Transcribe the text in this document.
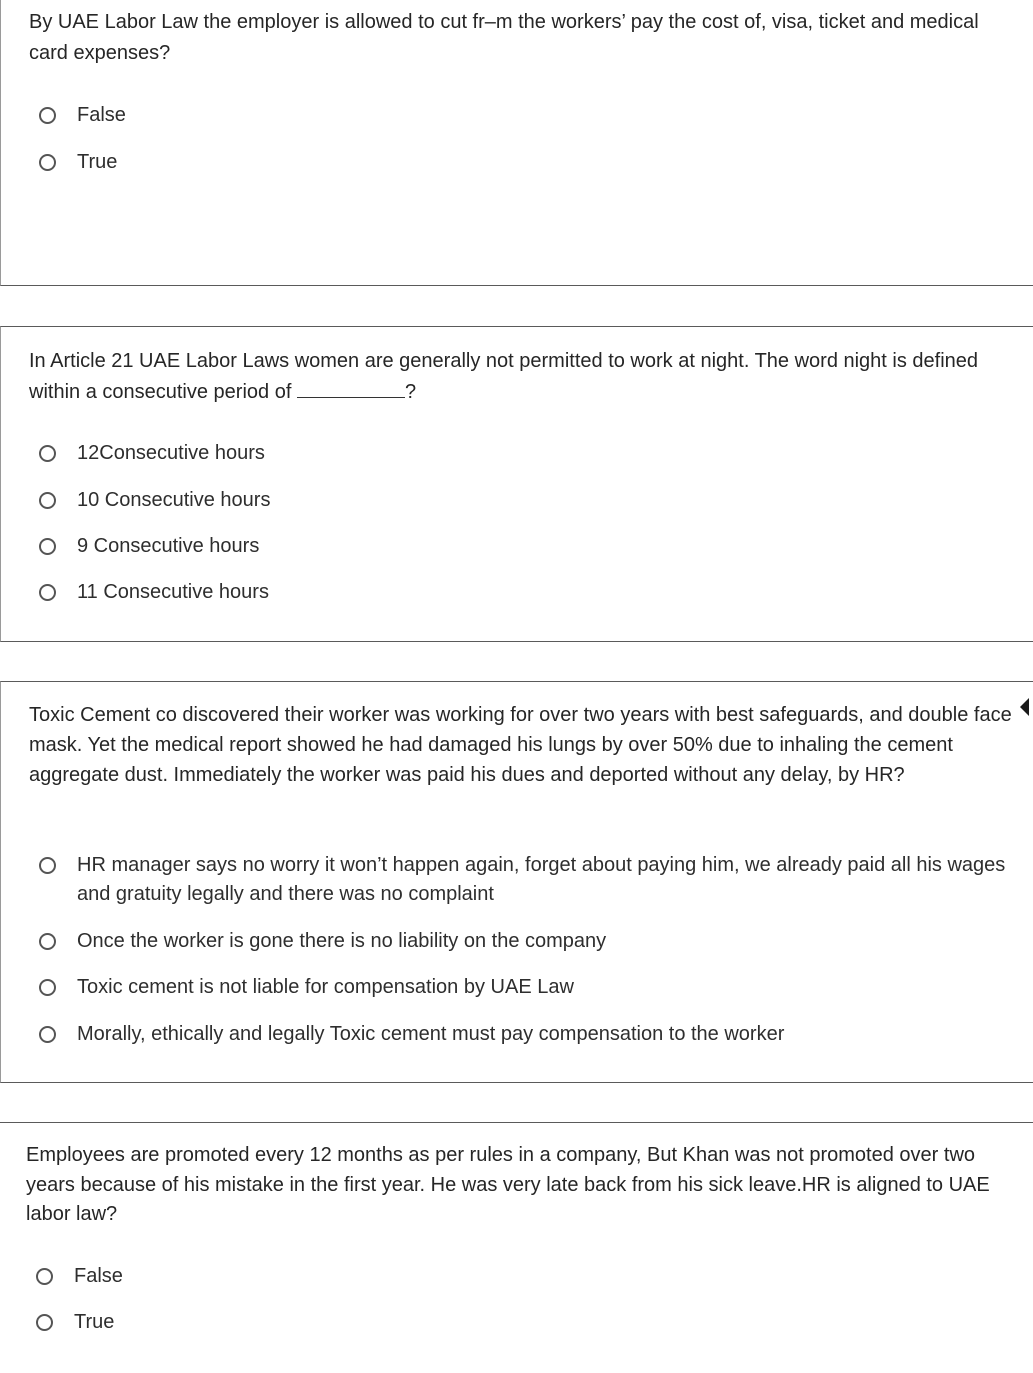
By UAE Labor Law the employer is allowed to cut fr‒m the workers’ pay the cost of, visa, ticket and medical card expenses?

False
True

In Article 21 UAE Labor Laws women are generally not permitted to work at night. The word night is defined within a consecutive period of	?

12Consecutive hours
10 Consecutive hours
9 Consecutive hours
11 Consecutive hours

Toxic Cement co discovered their worker was working for over two years with best safeguards, and double face mask. Yet the medical report showed he had damaged his lungs by over 50% due to inhaling the cement aggregate dust. Immediately the worker was paid his dues and deported without any delay, by HR?

HR manager says no worry it won’t happen again, forget about paying him, we already paid all his wages and gratuity legally and there was no complaint
Once the worker is gone there is no liability on the company
Toxic cement is not liable for compensation by UAE Law
Morally, ethically and legally Toxic cement must pay compensation to the worker

Employees are promoted every 12 months as per rules in a company, But Khan was not promoted over two years because of his mistake in the first year. He was very late back from his sick leave.HR is aligned to UAE labor law?

False
True
